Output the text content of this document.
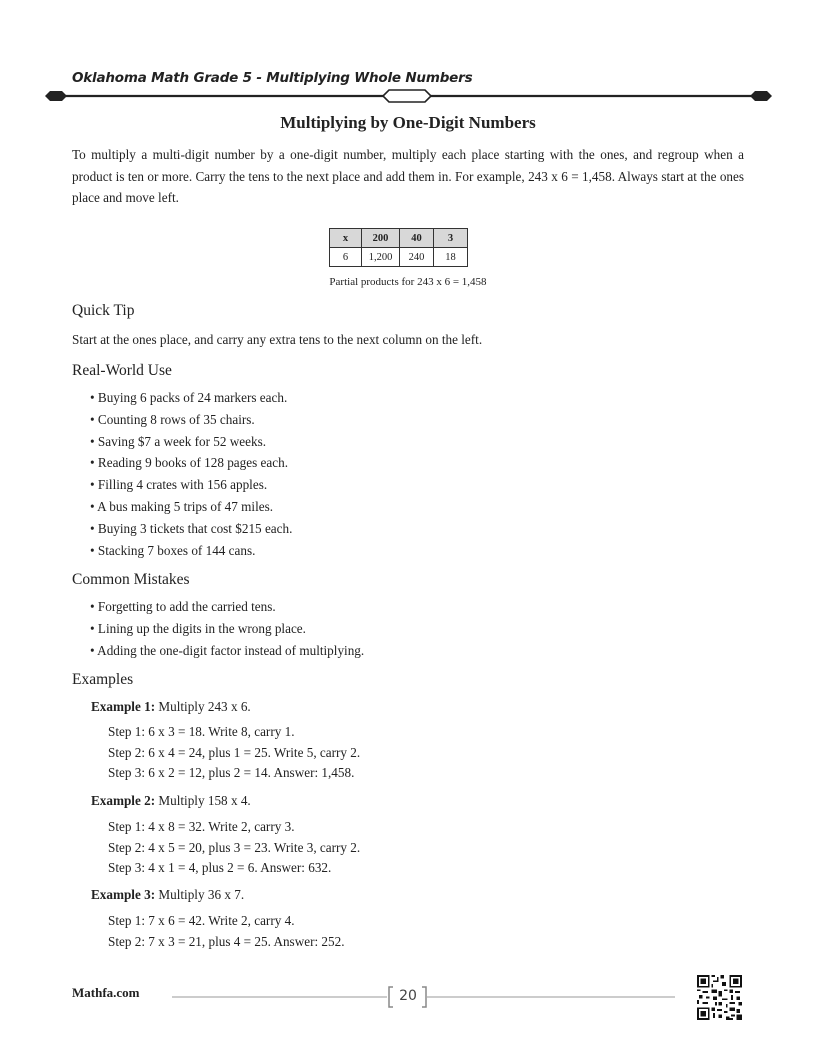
Oklahoma Math Grade 5 - Multiplying Whole Numbers
Multiplying by One-Digit Numbers
To multiply a multi-digit number by a one-digit number, multiply each place starting with the ones, and regroup when a product is ten or more. Carry the tens to the next place and add them in. For example, 243 x 6 = 1,458. Always start at the ones place and move left.
x	200	40	3
6	1,200	240	18
Partial products for 243 x 6 = 1,458
Quick Tip
Start at the ones place, and carry any extra tens to the next column on the left.
Real-World Use
• Buying 6 packs of 24 markers each.
• Counting 8 rows of 35 chairs.
• Saving $7 a week for 52 weeks.
• Reading 9 books of 128 pages each.
• Filling 4 crates with 156 apples.
• A bus making 5 trips of 47 miles.
• Buying 3 tickets that cost $215 each.
• Stacking 7 boxes of 144 cans.
Common Mistakes
• Forgetting to add the carried tens.
• Lining up the digits in the wrong place.
• Adding the one-digit factor instead of multiplying.
Examples
Example 1: Multiply 243 x 6.
Step 1: 6 x 3 = 18. Write 8, carry 1.
Step 2: 6 x 4 = 24, plus 1 = 25. Write 5, carry 2.
Step 3: 6 x 2 = 12, plus 2 = 14. Answer: 1,458.
Example 2: Multiply 158 x 4.
Step 1: 4 x 8 = 32. Write 2, carry 3.
Step 2: 4 x 5 = 20, plus 3 = 23. Write 3, carry 2.
Step 3: 4 x 1 = 4, plus 2 = 6. Answer: 632.
Example 3: Multiply 36 x 7.
Step 1: 7 x 6 = 42. Write 2, carry 4.
Step 2: 7 x 3 = 21, plus 4 = 25. Answer: 252.
Mathfa.com	20
